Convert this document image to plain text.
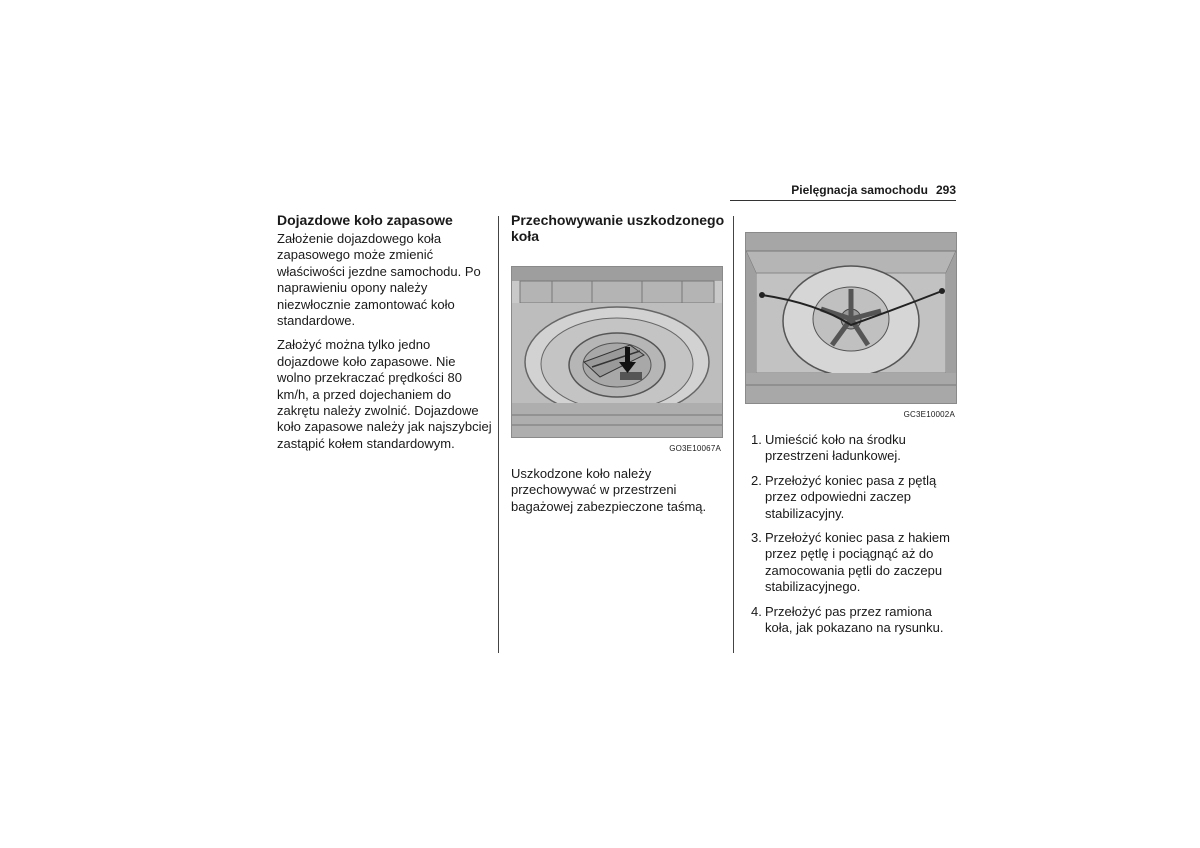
Pielęgnacja samochodu 293
Dojazdowe koło zapasowe

Założenie dojazdowego koła zapasowego może zmienić właściwości jezdne samochodu. Po naprawieniu opony należy niezwłocznie zamontować koło standardowe.

Założyć można tylko jedno dojazdowe koło zapasowe. Nie wolno przekraczać prędkości 80 km/h, a przed dojechaniem do zakrętu należy zwolnić. Dojazdowe koło zapasowe należy jak najszybciej zastąpić kołem standardowym.

Przechowywanie uszkodzonego koła
GO3E10067A

Uszkodzone koło należy przechowywać w przestrzeni bagażowej zabezpieczone taśmą.

GC3E10002A
1. Umieścić koło na środku przestrzeni ładunkowej.
2. Przełożyć koniec pasa z pętlą przez odpowiedni zaczep stabilizacyjny.
3. Przełożyć koniec pasa z hakiem przez pętlę i pociągnąć aż do zamocowania pętli do zaczepu stabilizacyjnego.
4. Przełożyć pas przez ramiona koła, jak pokazano na rysunku.
